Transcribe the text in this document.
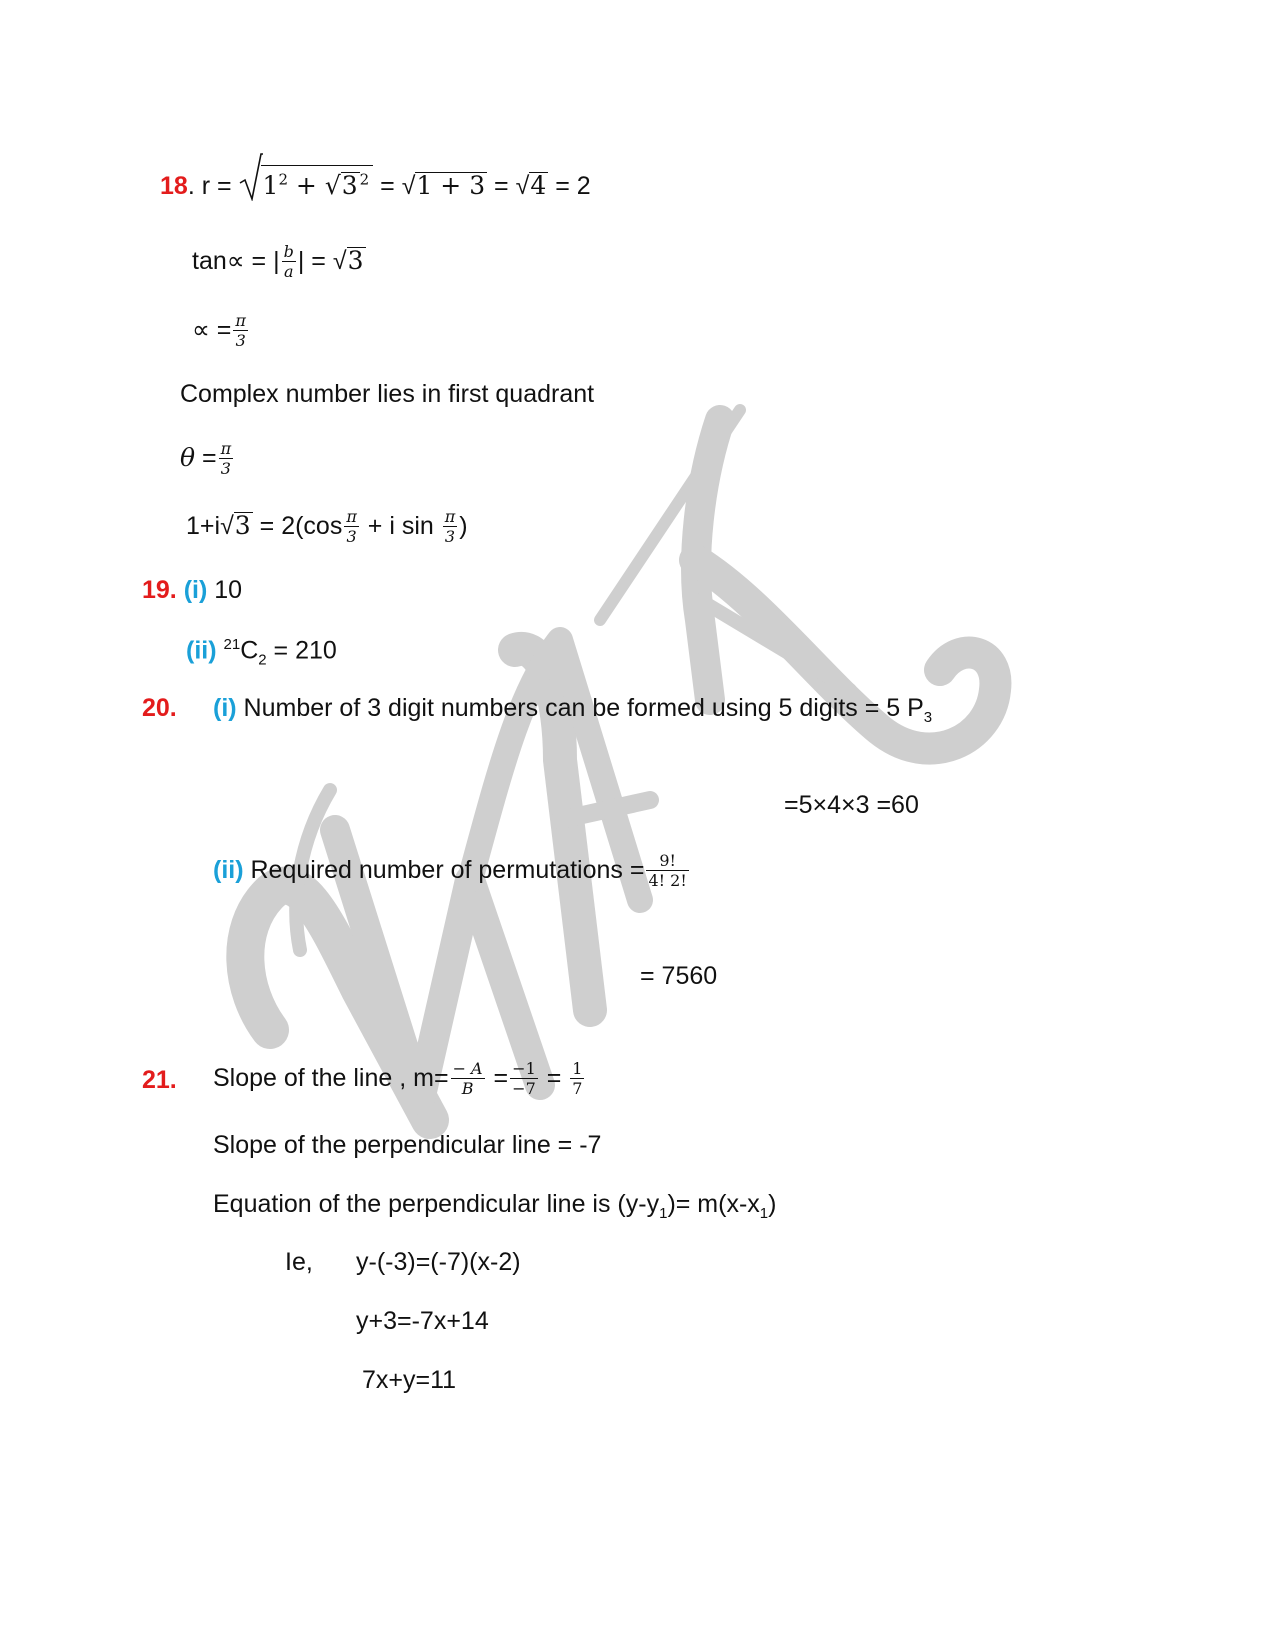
18. $r = 1^2 + √3$ $^2$ = √1 + 3 = √4 = 2
tan∝ = | $\frac{b}{a}$ | = √3
∝ = $\frac{\pi}{3}$
Complex number lies in first quadrant
$\theta = \frac{\pi}{3}$
$1+i√3 = 2(\cos \frac{\pi}{3} + i$ $\sin \frac{\pi}{3}$ )
19. (i) 10
(ii) $^{21}C_2 = 210$
20. (i) Number of 3 digit numbers can be formed using 5 digits = 5 $P_3$
=5×4×3 =60
(ii) Required number of permutations = $\frac{9!}{4! 2!}$
= 7560
21. Slope of the line , $m= \frac{- A}{B} = \frac{-1}{-7} = \frac{1}{7}$
Slope of the perpendicular line = -7
Equation of the perpendicular line is $(y-y_1)= m(x-x_1)$
Ie, y-(-3)=(-7)(x-2)
y+3=-7x+14
7x+y=11
